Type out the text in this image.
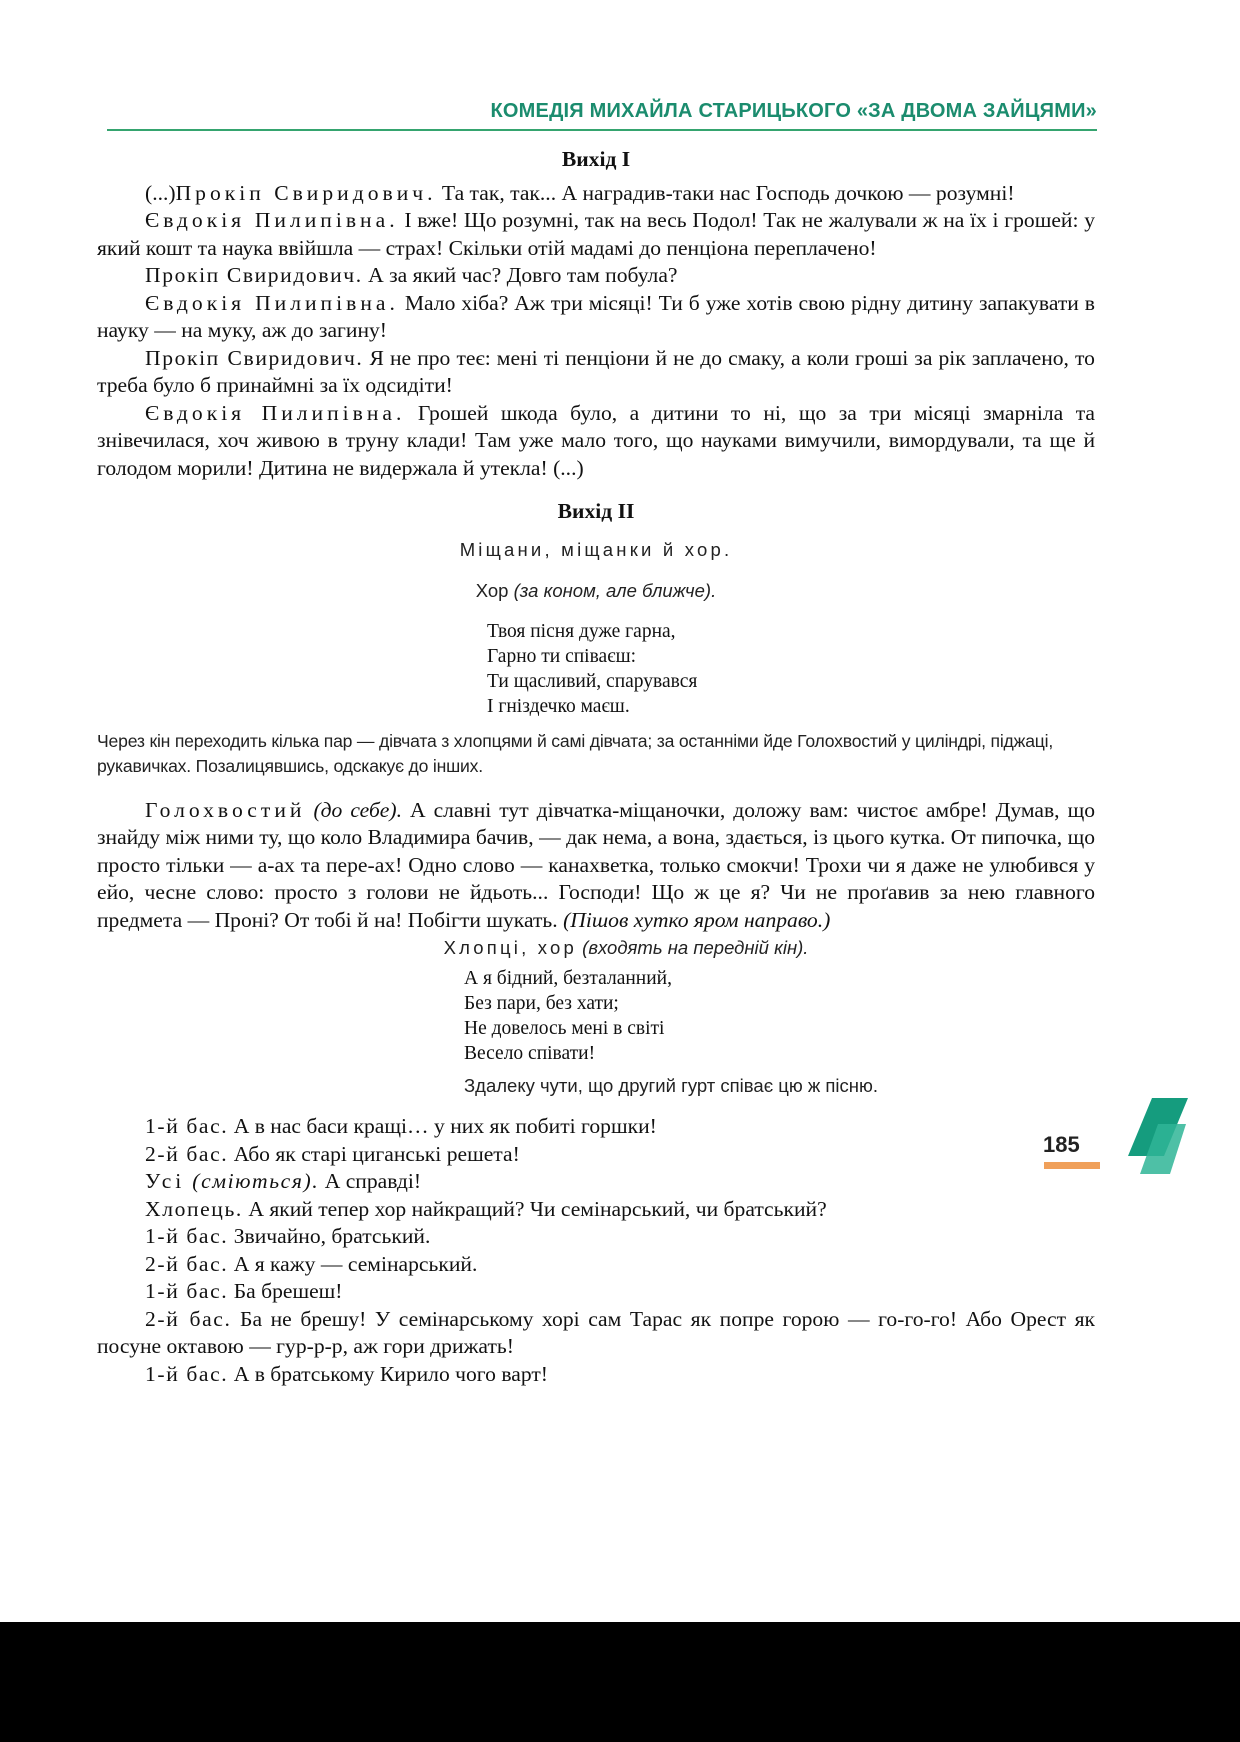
КОМЕДІЯ МИХАЙЛА СТАРИЦЬКОГО «ЗА ДВОМА ЗАЙЦЯМИ»

Вихід I

(...)Прокіп Свиридович. Та так, так... А наградив-таки нас Господь дочкою — розумні!

Євдокія Пилипівна. І вже! Що розумні, так на весь Подол! Так не жалували ж на їх і грошей: у який кошт та наука ввійшла — страх! Скільки отій мадамі до пенціона переплачено!

Прокіп Свиридович. А за який час? Довго там побула?

Євдокія Пилипівна. Мало хіба? Аж три місяці! Ти б уже хотів свою рідну дитину запакувати в науку — на муку, аж до загину!

Прокіп Свиридович. Я не про теє: мені ті пенціони й не до смаку, а коли гроші за рік заплачено, то треба було б принаймні за їх одсидіти!

Євдокія Пилипівна. Грошей шкода було, а дитини то ні, що за три місяці змарніла та знівечилася, хоч живою в труну клади! Там уже мало того, що науками вимучили, вимордували, та ще й голодом морили! Дитина не видержала й утекла! (...)

Вихід II

Міщани, міщанки й хор.

Хор (за коном, але ближче).

Твоя пісня дуже гарна,
Гарно ти співаєш:
Ти щасливий, спарувався
І гніздечко маєш.

Через кін переходить кілька пар — дівчата з хлопцями й самі дівчата; за останніми йде Голохвостий у циліндрі, піджаці, рукавичках. Позалицявшись, одскакує до інших.

Голохвостий (до себе). А славні тут дівчатка-міщаночки, доложу вам: чистоє амбре! Думав, що знайду між ними ту, що коло Владимира бачив, — дак нема, а вона, здається, із цього кутка. От пипочка, що просто тільки — а-ах та пере-ах! Одно слово — канахветка, только смокчи! Трохи чи я даже не улюбився у ейо, чесне слово: просто з голови не йдьоть... Господи! Що ж це я? Чи не проґавив за нею главного предмета — Проні? От тобі й на! Побігти шукать. (Пішов хутко яром направо.)

Хлопці, хор (входять на передній кін).

А я бідний, безталанний,
Без пари, без хати;
Не довелось мені в світі
Весело співати!

Здалеку чути, що другий гурт співає цю ж пісню.

1-й бас. А в нас баси кращі… у них як побиті горшки!

2-й бас. Або як старі циганські решета!

Усі (сміються). А справді!

Хлопець. А який тепер хор найкращий? Чи семінарський, чи братський?

1-й бас. Звичайно, братський.

2-й бас. А я кажу — семінарський.

1-й бас. Ба брешеш!

2-й бас. Ба не брешу! У семінарському хорі сам Тарас як попре горою — го-го-го! Або Орест як посуне октавою — гур-р-р, аж гори дрижать!

1-й бас. А в братському Кирило чого варт!

185
